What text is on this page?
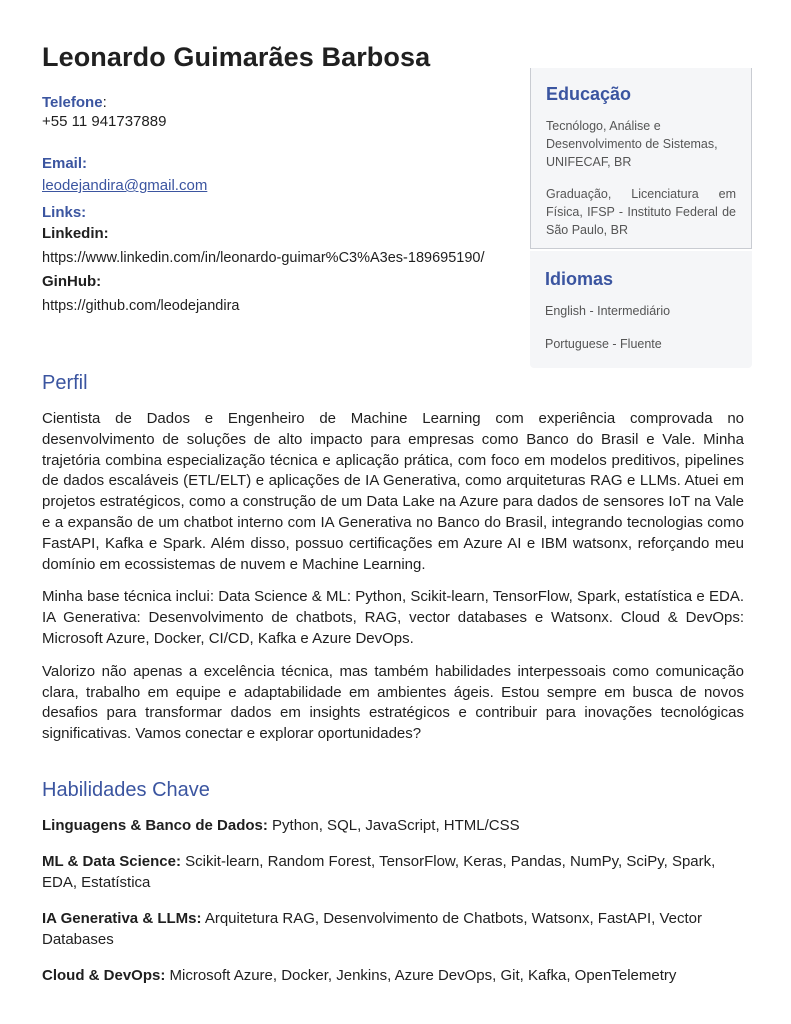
Leonardo Guimarães Barbosa
Telefone:
+55 11 941737889
Email:
leodejandira@gmail.com
Links:
Linkedin:
https://www.linkedin.com/in/leonardo-guimar%C3%A3es-189695190/
GinHub:
https://github.com/leodejandira
Educação
Tecnólogo, Análise e Desenvolvimento de Sistemas, UNIFECAF, BR
Graduação, Licenciatura em Física, IFSP - Instituto Federal de São Paulo, BR
Idiomas
English - Intermediário
Portuguese - Fluente
Perfil

Cientista de Dados e Engenheiro de Machine Learning com experiência comprovada no desenvolvimento de soluções de alto impacto para empresas como Banco do Brasil e Vale. Minha trajetória combina especialização técnica e aplicação prática, com foco em modelos preditivos, pipelines de dados escaláveis (ETL/ELT) e aplicações de IA Generativa, como arquiteturas RAG e LLMs. Atuei em projetos estratégicos, como a construção de um Data Lake na Azure para dados de sensores IoT na Vale e a expansão de um chatbot interno com IA Generativa no Banco do Brasil, integrando tecnologias como FastAPI, Kafka e Spark. Além disso, possuo certificações em Azure AI e IBM watsonx, reforçando meu domínio em ecossistemas de nuvem e Machine Learning.

Minha base técnica inclui: Data Science & ML: Python, Scikit-learn, TensorFlow, Spark, estatística e EDA. IA Generativa: Desenvolvimento de chatbots, RAG, vector databases e Watsonx. Cloud & DevOps: Microsoft Azure, Docker, CI/CD, Kafka e Azure DevOps.

Valorizo não apenas a excelência técnica, mas também habilidades interpessoais como comunicação clara, trabalho em equipe e adaptabilidade em ambientes ágeis. Estou sempre em busca de novos desafios para transformar dados em insights estratégicos e contribuir para inovações tecnológicas significativas. Vamos conectar e explorar oportunidades?

Habilidades Chave
Linguagens & Banco de Dados: Python, SQL, JavaScript, HTML/CSS
ML & Data Science: Scikit-learn, Random Forest, TensorFlow, Keras, Pandas, NumPy, SciPy, Spark, EDA, Estatística
IA Generativa & LLMs: Arquitetura RAG, Desenvolvimento de Chatbots, Watsonx, FastAPI, Vector Databases
Cloud & DevOps: Microsoft Azure, Docker, Jenkins, Azure DevOps, Git, Kafka, OpenTelemetry
